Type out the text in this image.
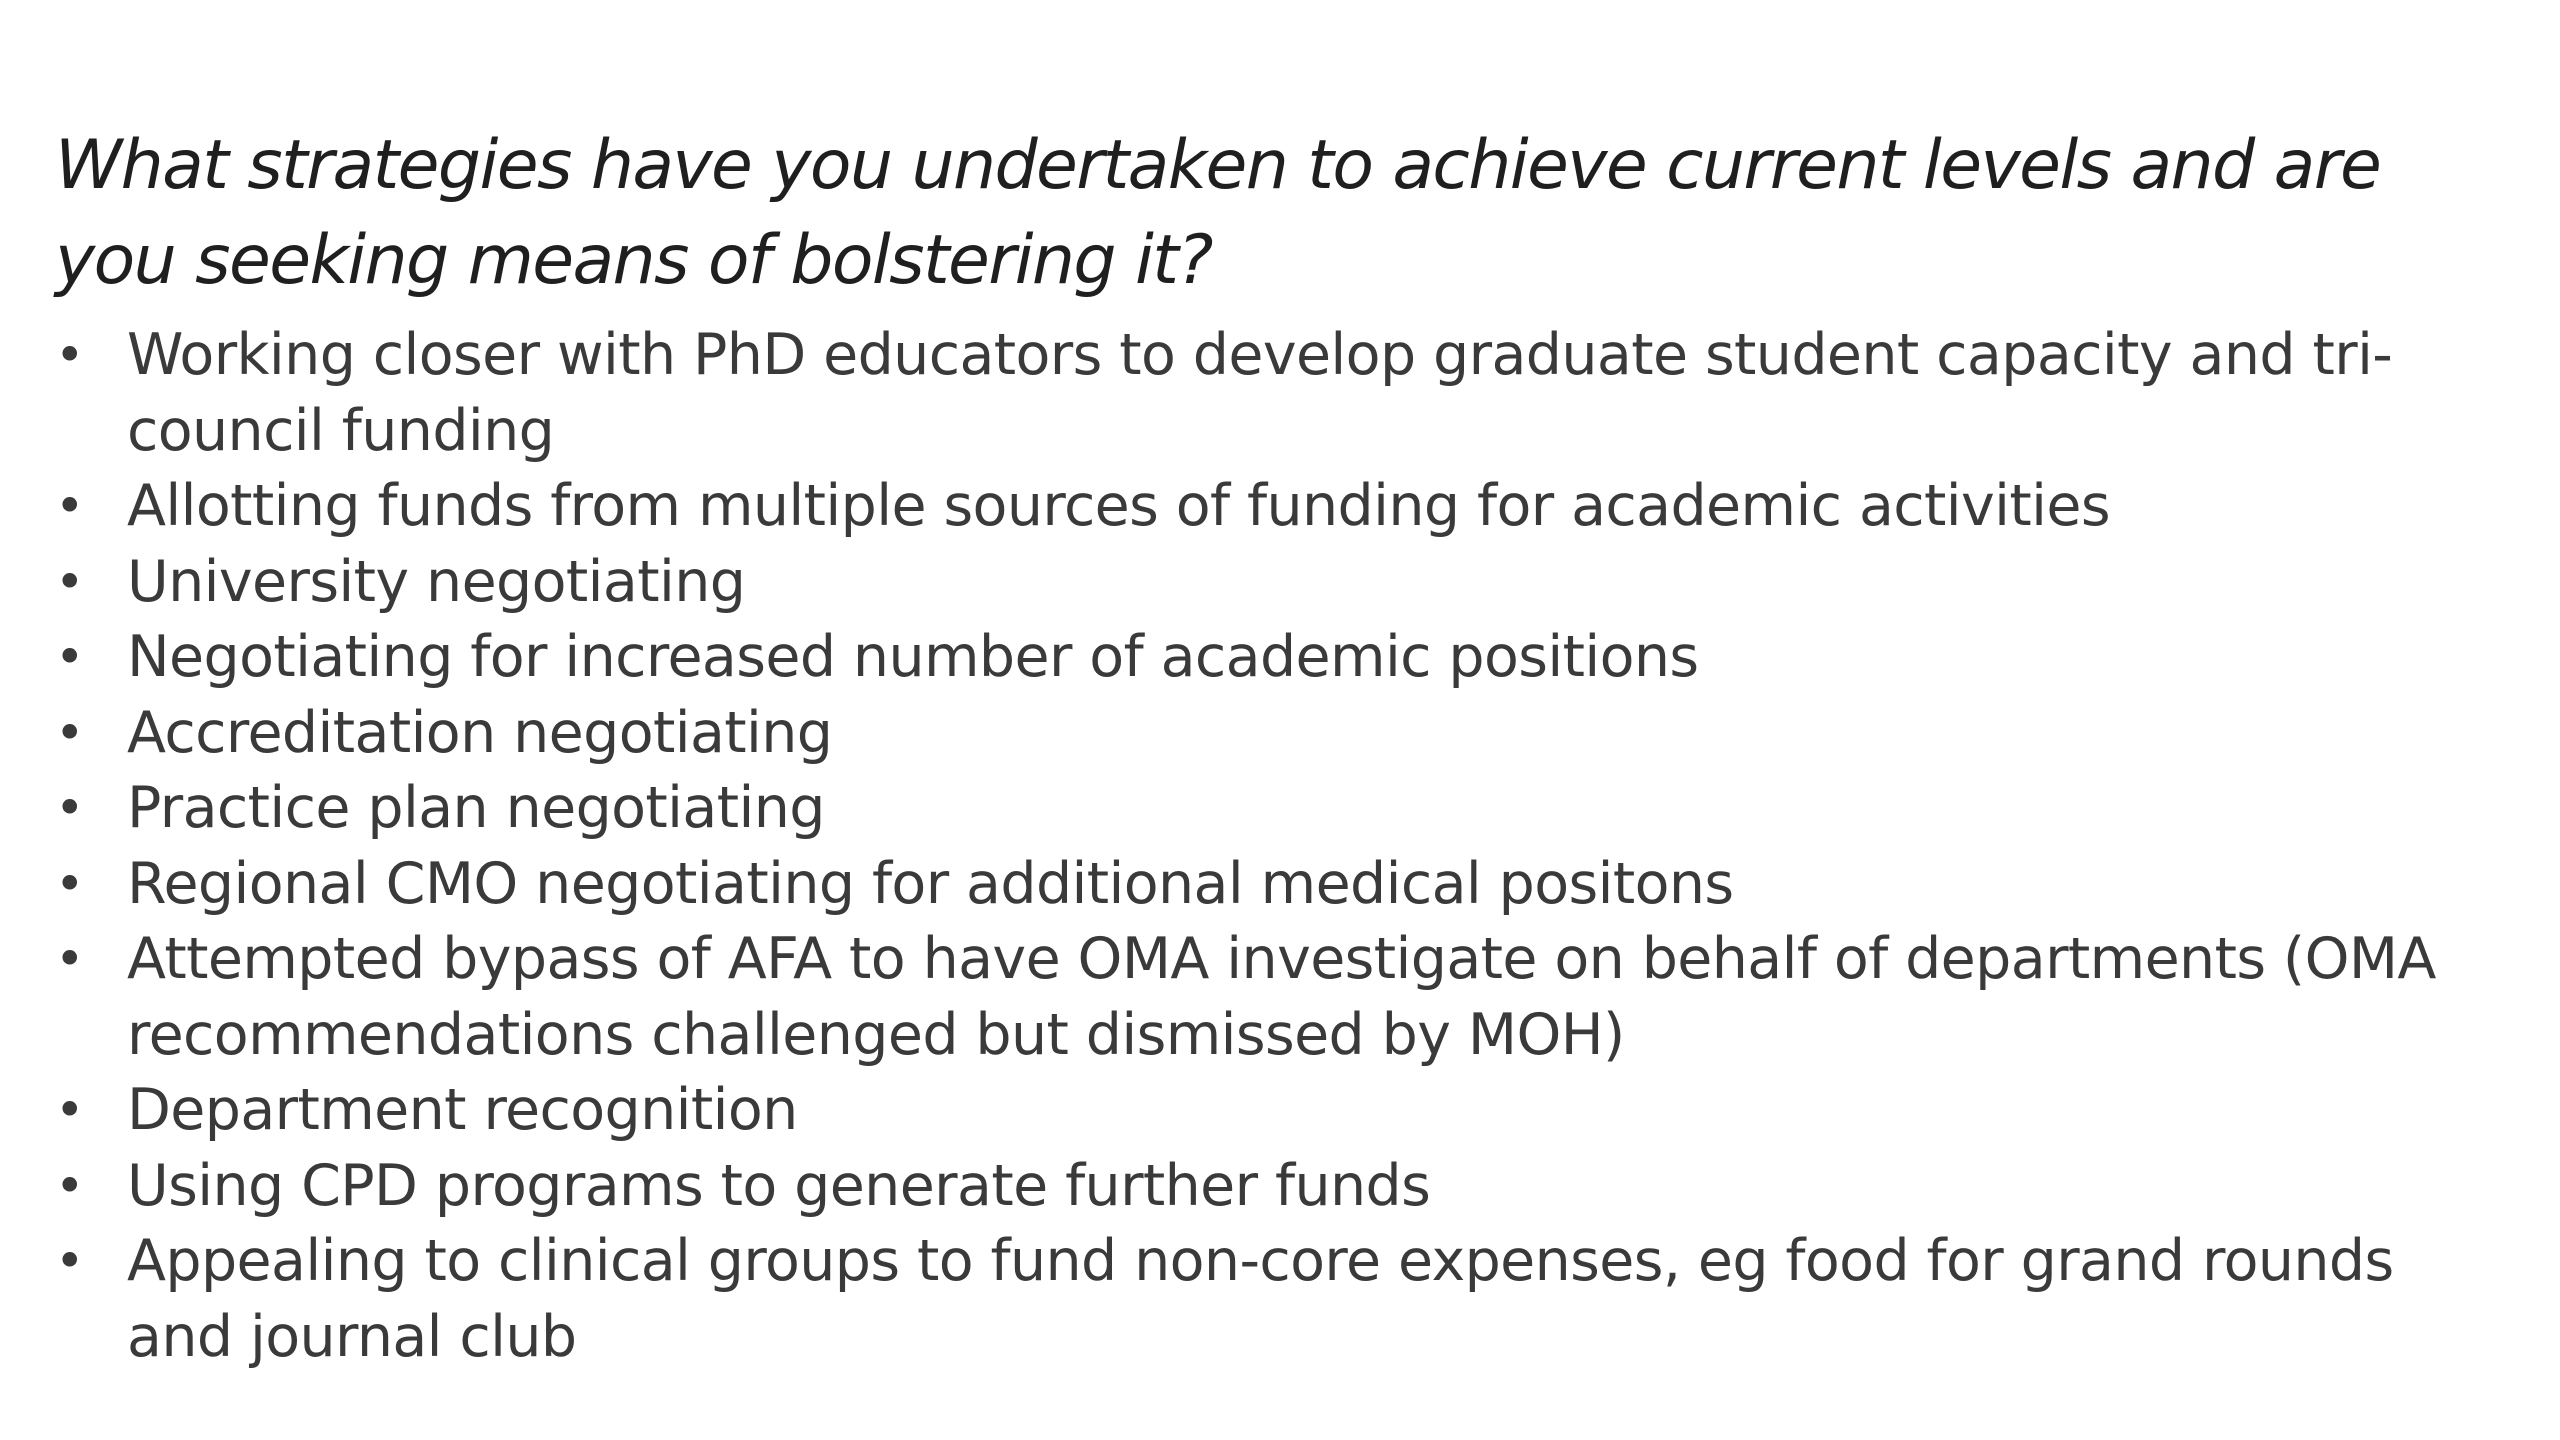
What strategies have you undertaken to achieve current levels and are you seeking means of bolstering it?
• Working closer with PhD educators to develop graduate student capacity and tri-council funding
• Allotting funds from multiple sources of funding for academic activities
• University negotiating
• Negotiating for increased number of academic positions
• Accreditation negotiating
• Practice plan negotiating
• Regional CMO negotiating for additional medical positons
• Attempted bypass of AFA to have OMA investigate on behalf of departments (OMA recommendations challenged but dismissed by MOH)
• Department recognition
• Using CPD programs to generate further funds
• Appealing to clinical groups to fund non-core expenses, eg food for grand rounds and journal club
